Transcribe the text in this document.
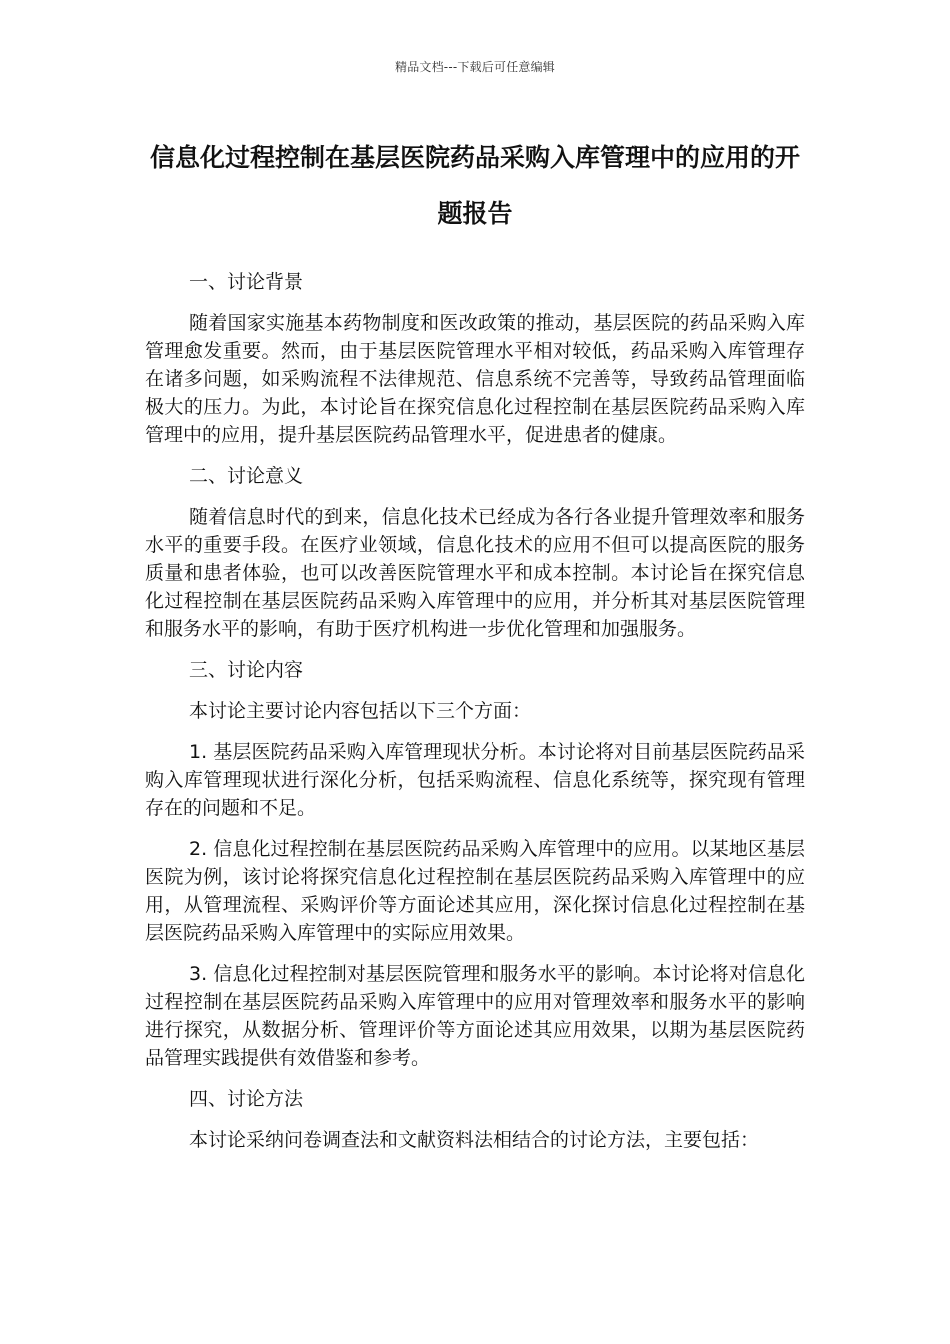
精品文档---下载后可任意编辑
信息化过程控制在基层医院药品采购入库管理中的应用的开题报告

一、讨论背景

随着国家实施基本药物制度和医改政策的推动，基层医院的药品采购入库管理愈发重要。然而，由于基层医院管理水平相对较低，药品采购入库管理存在诸多问题，如采购流程不法律规范、信息系统不完善等，导致药品管理面临极大的压力。为此，本讨论旨在探究信息化过程控制在基层医院药品采购入库管理中的应用，提升基层医院药品管理水平，促进患者的健康。

二、讨论意义

随着信息时代的到来，信息化技术已经成为各行各业提升管理效率和服务水平的重要手段。在医疗业领域，信息化技术的应用不但可以提高医院的服务质量和患者体验，也可以改善医院管理水平和成本控制。本讨论旨在探究信息化过程控制在基层医院药品采购入库管理中的应用，并分析其对基层医院管理和服务水平的影响，有助于医疗机构进一步优化管理和加强服务。

三、讨论内容

本讨论主要讨论内容包括以下三个方面：

1. 基层医院药品采购入库管理现状分析。本讨论将对目前基层医院药品采购入库管理现状进行深化分析，包括采购流程、信息化系统等，探究现有管理存在的问题和不足。

2. 信息化过程控制在基层医院药品采购入库管理中的应用。以某地区基层医院为例，该讨论将探究信息化过程控制在基层医院药品采购入库管理中的应用，从管理流程、采购评价等方面论述其应用，深化探讨信息化过程控制在基层医院药品采购入库管理中的实际应用效果。

3. 信息化过程控制对基层医院管理和服务水平的影响。本讨论将对信息化过程控制在基层医院药品采购入库管理中的应用对管理效率和服务水平的影响进行探究，从数据分析、管理评价等方面论述其应用效果，以期为基层医院药品管理实践提供有效借鉴和参考。

四、讨论方法

本讨论采纳问卷调查法和文献资料法相结合的讨论方法，主要包括：
